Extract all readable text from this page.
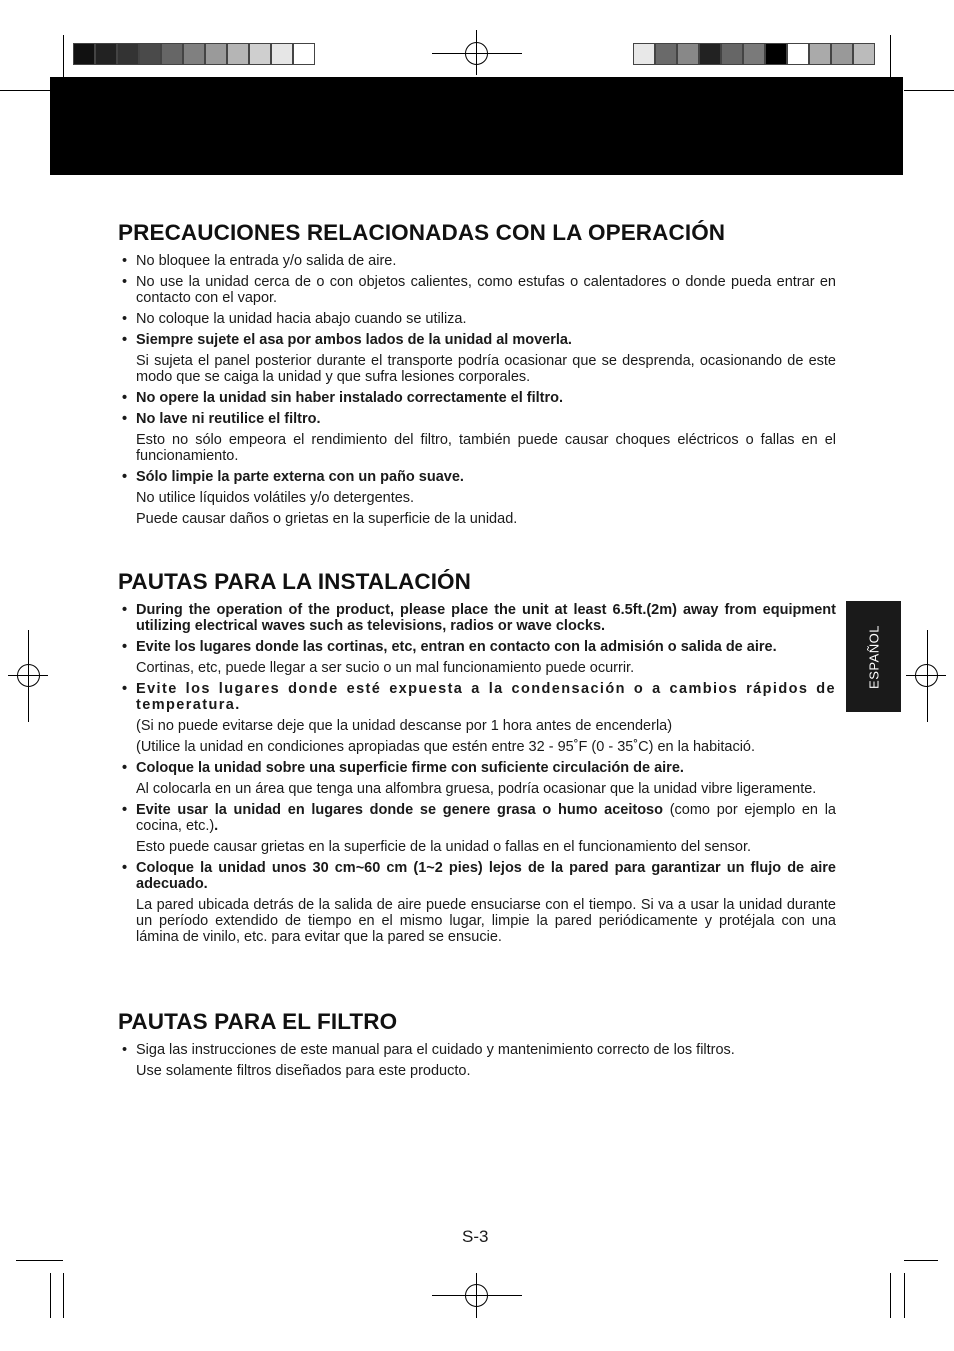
ESPAÑOL
PRECAUCIONES RELACIONADAS CON LA OPERACIÓN
• No bloquee la entrada y/o salida de aire.

• No use la unidad cerca de o con objetos calientes, como estufas o calentadores o donde pueda entrar en contacto con el vapor.

• No coloque la unidad hacia abajo cuando se utiliza.

• Siempre sujete el asa por ambos lados de la unidad al moverla.

Si sujeta el panel posterior durante el transporte podría ocasionar que se desprenda, ocasionando de este modo que se caiga la unidad y que sufra lesiones corporales.

• No opere la unidad sin haber instalado correctamente el filtro.

• No lave ni reutilice el filtro.

Esto no sólo empeora el rendimiento del filtro, también puede causar choques eléctricos o fallas en el funcionamiento.

• Sólo limpie la parte externa con un paño suave.

No utilice líquidos volátiles y/o detergentes.

Puede causar daños o grietas en la superficie de la unidad.

PAUTAS PARA LA INSTALACIÓN
• During the operation of the product, please place the unit at least 6.5ft.(2m) away from equipment utilizing electrical waves such as televisions, radios or wave clocks.

• Evite los lugares donde las cortinas, etc, entran en contacto con la admisión o salida de aire.

Cortinas, etc, puede llegar a ser sucio o un mal funcionamiento puede ocurrir.

• Evite los lugares donde esté expuesta a la condensación o a cambios rápidos de temperatura.

(Si no puede evitarse deje que la unidad descanse por 1 hora antes de encenderla)

(Utilice la unidad en condiciones apropiadas que estén entre 32 - 95˚F (0 - 35˚C) en la habitació.

• Coloque la unidad sobre una superficie firme con suficiente circulación de aire.

Al colocarla en un área que tenga una alfombra gruesa, podría ocasionar que la unidad vibre ligeramente.

• Evite usar la unidad en lugares donde se genere grasa o humo aceitoso (como por ejemplo en la cocina, etc.).

Esto puede causar grietas en la superficie de la unidad o fallas en el funcionamiento del sensor.

• Coloque la unidad unos 30 cm~60 cm (1~2 pies) lejos de la pared para garantizar un flujo de aire adecuado.

La pared ubicada detrás de la salida de aire puede ensuciarse con el tiempo. Si va a usar la unidad durante un período extendido de tiempo en el mismo lugar, limpie la pared periódicamente y protéjala con una lámina de vinilo, etc. para evitar que la pared se ensucie.

PAUTAS PARA EL FILTRO
• Siga las instrucciones de este manual para el cuidado y mantenimiento correcto de los filtros.

Use solamente filtros diseñados para este producto.

S-3
